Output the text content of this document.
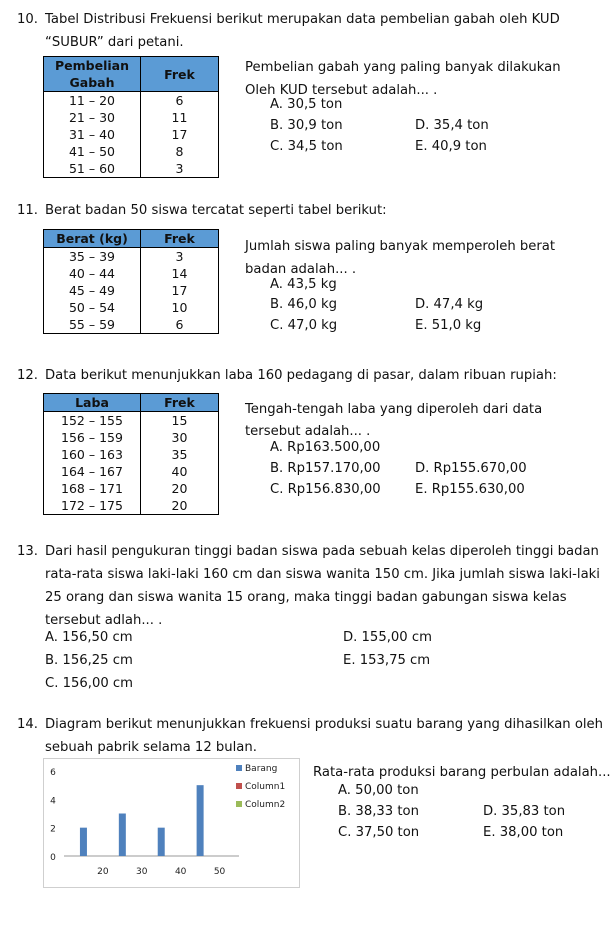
10. Tabel Distribusi Frekuensi berikut merupakan data pembelian gabah oleh KUD
“SUBUR” dari petani.
Pembelian
Gabah	Frek
11 – 20	6
21 – 30	11
31 – 40	17
41 – 50	8
51 – 60	3
Pembelian gabah yang paling banyak dilakukan
Oleh KUD tersebut adalah... .
A. 30,5 ton
B. 30,9 ton
C. 34,5 ton
D. 35,4 ton
E. 40,9 ton
11. Berat badan 50 siswa tercatat seperti tabel berikut:
Berat (kg)	Frek
35 – 39	3
40 – 44	14
45 – 49	17
50 – 54	10
55 – 59	6
Jumlah siswa paling banyak memperoleh berat
badan adalah... .
A. 43,5 kg
B. 46,0 kg
C. 47,0 kg
D. 47,4 kg
E. 51,0 kg
12. Data berikut menunjukkan laba 160 pedagang di pasar, dalam ribuan rupiah:
Laba	Frek
152 – 155	15
156 – 159	30
160 – 163	35
164 – 167	40
168 – 171	20
172 – 175	20
Tengah-tengah laba yang diperoleh dari data
tersebut adalah... .
A. Rp163.500,00
B. Rp157.170,00
C. Rp156.830,00
D. Rp155.670,00
E. Rp155.630,00
13. Dari hasil pengukuran tinggi badan siswa pada sebuah kelas diperoleh tinggi badan
rata-rata siswa laki-laki 160 cm dan siswa wanita 150 cm. Jika jumlah siswa laki-laki
25 orang dan siswa wanita 15 orang, maka tinggi badan gabungan siswa kelas
tersebut adlah... .
A. 156,50 cm
B. 156,25 cm
C. 156,00 cm
D. 155,00 cm
E. 153,75 cm
14. Diagram berikut menunjukkan frekuensi produksi suatu barang yang dihasilkan oleh
sebuah pabrik selama 12 bulan.
0
2
4
6
20	30	40	50
Barang
Column1
Column2
Rata-rata produksi barang perbulan adalah...
A. 50,00 ton
B. 38,33 ton
C. 37,50 ton
D. 35,83 ton
E. 38,00 ton
